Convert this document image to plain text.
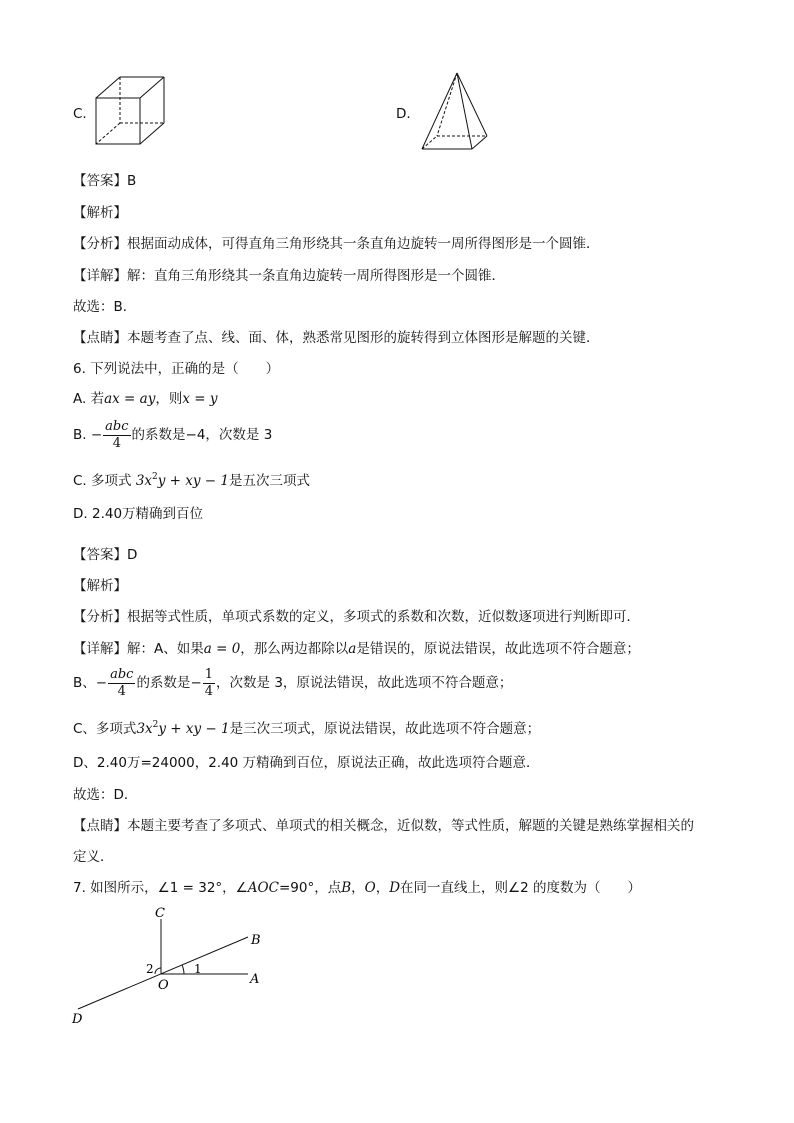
C.	D.
【答案】B
【解析】
【分析】根据面动成体，可得直角三角形绕其一条直角边旋转一周所得图形是一个圆锥．
【详解】解：直角三角形绕其一条直角边旋转一周所得图形是一个圆锥．
故选：B．
【点睛】本题考查了点、线、面、体，熟悉常见图形的旋转得到立体图形是解题的关键．
6. 下列说法中，正确的是（　　）
A. 若ax = ay，则x = y
B. − $\frac{\text{abc}}{4}$ 的系数是−4，次数是 3
C. 多项式 $3x^2y$ + xy − 1是五次三项式
D. 2.40万精确到百位
【答案】D
【解析】
【分析】根据等式性质，单项式系数的定义，多项式的系数和次数，近似数逐项进行判断即可．
【详解】解：A、如果a = 0，那么两边都除以a是错误的，原说法错误，故此选项不符合题意；
B、− $\frac{\text{abc}}{4}$ 的系数是− $\frac{1}{4}$ ，次数是 3，原说法错误，故此选项不符合题意；
C、多项式$3x^2y$ + xy − 1是三次三项式，原说法错误，故此选项不符合题意；
D、2.40万=24000，2.40 万精确到百位，原说法正确，故此选项符合题意．
故选：D．
【点睛】本题主要考查了多项式、单项式的相关概念，近似数，等式性质，解题的关键是熟练掌握相关的
定义．
7. 如图所示，∠1 = 32°，∠AOC=90°，点B，O，D在同一直线上，则∠2 的度数为（　　）
C
B
A
O
D
1
2
